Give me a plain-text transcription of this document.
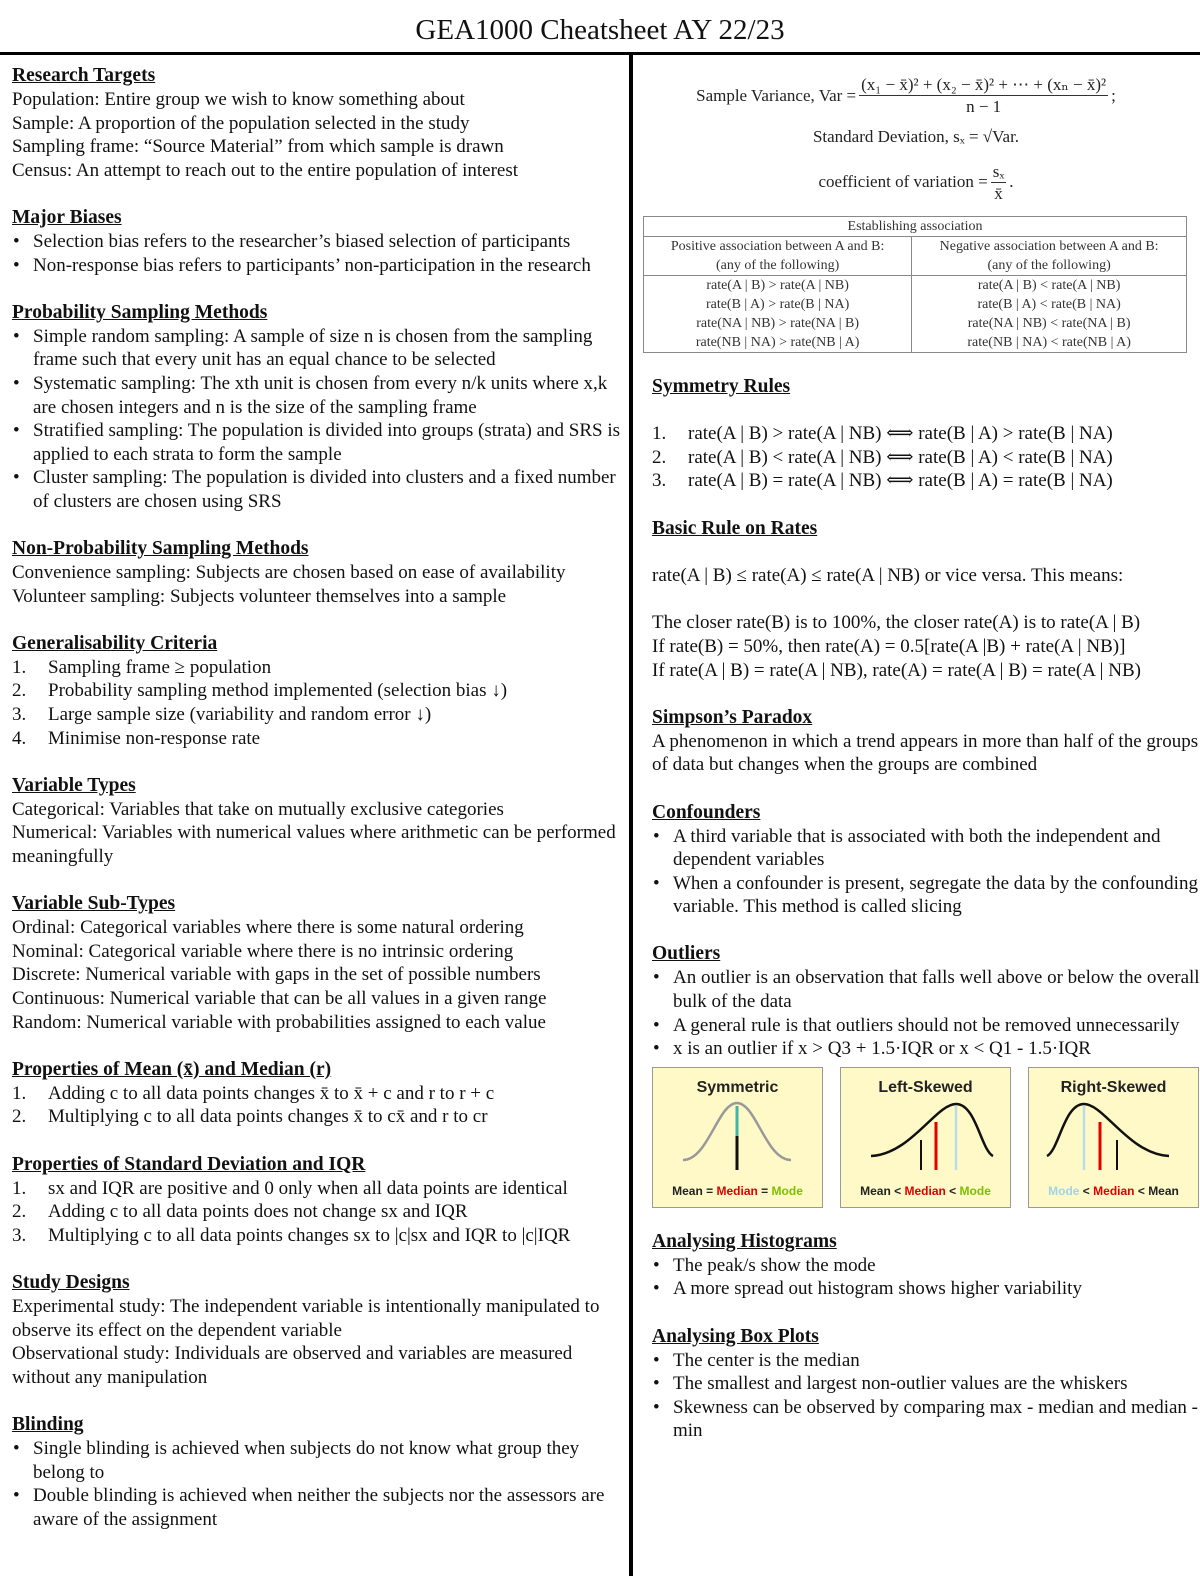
GEA1000 Cheatsheet AY 22/23
Research Targets

Population: Entire group we wish to know something about

Sample: A proportion of the population selected in the study

Sampling frame: “Source Material” from which sample is drawn

Census: An attempt to reach out to the entire population of interest

Major Biases
• Selection bias refers to the researcher’s biased selection of participants
• Non-response bias refers to participants’ non-participation in the research
Probability Sampling Methods
• Simple random sampling: A sample of size n is chosen from the sampling frame such that every unit has an equal chance to be selected
• Systematic sampling: The xth unit is chosen from every n/k units where x,k are chosen integers and n is the size of the sampling frame
• Stratified sampling: The population is divided into groups (strata) and SRS is applied to each strata to form the sample
• Cluster sampling: The population is divided into clusters and a fixed number of clusters are chosen using SRS
Non-Probability Sampling Methods

Convenience sampling: Subjects are chosen based on ease of availability

Volunteer sampling: Subjects volunteer themselves into a sample

Generalisability Criteria
1. Sampling frame ≥ population
2. Probability sampling method implemented (selection bias ↓)
3. Large sample size (variability and random error ↓)
4. Minimise non-response rate
Variable Types

Categorical: Variables that take on mutually exclusive categories

Numerical: Variables with numerical values where arithmetic can be performed meaningfully

Variable Sub-Types

Ordinal: Categorical variables where there is some natural ordering

Nominal: Categorical variable where there is no intrinsic ordering

Discrete: Numerical variable with gaps in the set of possible numbers

Continuous: Numerical variable that can be all values in a given range

Random: Numerical variable with probabilities assigned to each value

Properties of Mean (x̄) and Median (r)
1. Adding c to all data points changes x̄ to x̄ + c and r to r + c
2. Multiplying c to all data points changes x̄ to cx̄ and r to cr
Properties of Standard Deviation and IQR
1. sx and IQR are positive and 0 only when all data points are identical
2. Adding c to all data points does not change sx and IQR
3. Multiplying c to all data points changes sx to |c|sx and IQR to |c|IQR
Study Designs

Experimental study: The independent variable is intentionally manipulated to observe its effect on the dependent variable

Observational study: Individuals are observed and variables are measured without any manipulation

Blinding
• Single blinding is achieved when subjects do not know what group they belong to
• Double blinding is achieved when neither the subjects nor the assessors are aware of the assignment
Sample Variance, Var = $\frac{\text{(x₁ − x̄)² + (x₂ − x̄)² + ⋯ + (xₙ − x̄)²}}{n - 1}$ ;
Standard Deviation, sₓ = √Var.
coefficient of variation = $\frac{\text{sₓ}}{x̄}$ .
Establishing association	
Positive association between A and B:	Negative association between A and B:
(any of the following)	(any of the following)
rate(A | B) > rate(A | NB)	rate(A | B) < rate(A | NB)
rate(B | A) > rate(B | NA)	rate(B | A) < rate(B | NA)
rate(NA | NB) > rate(NA | B)	rate(NA | NB) < rate(NA | B)
rate(NB | NA) > rate(NB | A)	rate(NB | NA) < rate(NB | A)
Symmetry Rules
1. rate(A | B) > rate(A | NB) ⟺ rate(B | A) > rate(B | NA)
2. rate(A | B) < rate(A | NB) ⟺ rate(B | A) < rate(B | NA)
3. rate(A | B) = rate(A | NB) ⟺ rate(B | A) = rate(B | NA)
Basic Rule on Rates

rate(A | B) ≤ rate(A) ≤ rate(A | NB) or vice versa. This means:

The closer rate(B) is to 100%, the closer rate(A) is to rate(A | B)

If rate(B) = 50%, then rate(A) = 0.5[rate(A |B) + rate(A | NB)]

If rate(A | B) = rate(A | NB), rate(A) = rate(A | B) = rate(A | NB)

Simpson’s Paradox

A phenomenon in which a trend appears in more than half of the groups of data but changes when the groups are combined

Confounders
• A third variable that is associated with both the independent and dependent variables
• When a confounder is present, segregate the data by the confounding variable. This method is called slicing
Outliers
• An outlier is an observation that falls well above or below the overall bulk of the data
• A general rule is that outliers should not be removed unnecessarily
• x is an outlier if x > Q3 + 1.5·IQR or x < Q1 - 1.5·IQR
Symmetric
Mean = Median = Mode
Left-Skewed
Mean < Median < Mode
Right-Skewed
Mode < Median < Mean
Analysing Histograms
• The peak/s show the mode
• A more spread out histogram shows higher variability
Analysing Box Plots
• The center is the median
• The smallest and largest non-outlier values are the whiskers
• Skewness can be observed by comparing max - median and median - min
